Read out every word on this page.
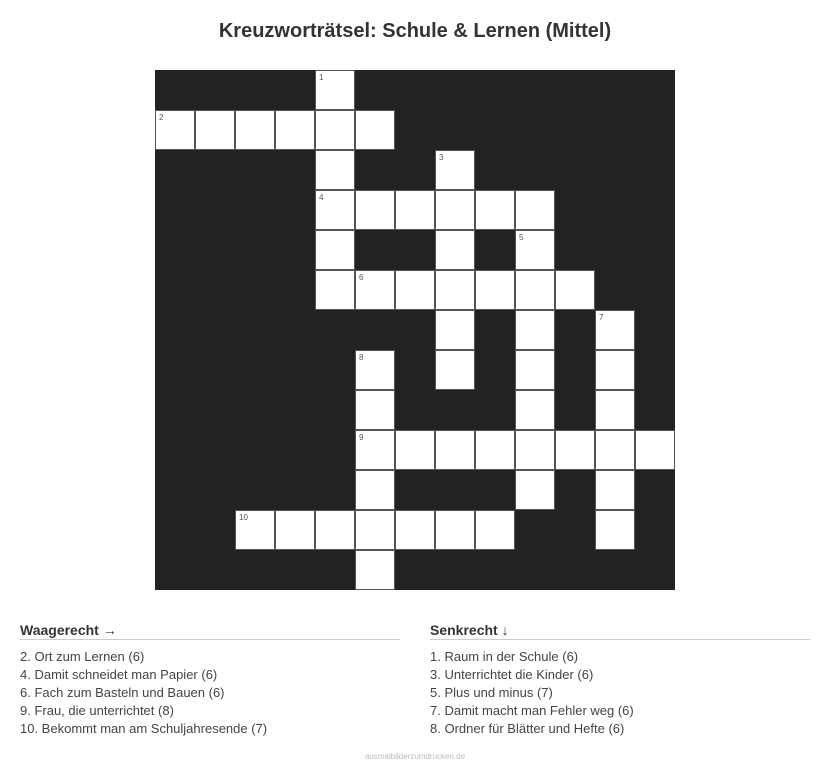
Kreuzworträtsel: Schule & Lernen (Mittel)
1
2
3
4
5
6
7
8
9
10
Waagerecht →
2. Ort zum Lernen (6)
4. Damit schneidet man Papier (6)
6. Fach zum Basteln und Bauen (6)
9. Frau, die unterrichtet (8)
10. Bekommt man am Schuljahresende (7)
Senkrecht ↓
1. Raum in der Schule (6)
3. Unterrichtet die Kinder (6)
5. Plus und minus (7)
7. Damit macht man Fehler weg (6)
8. Ordner für Blätter und Hefte (6)
ausmalbilderzumdrucken.de
